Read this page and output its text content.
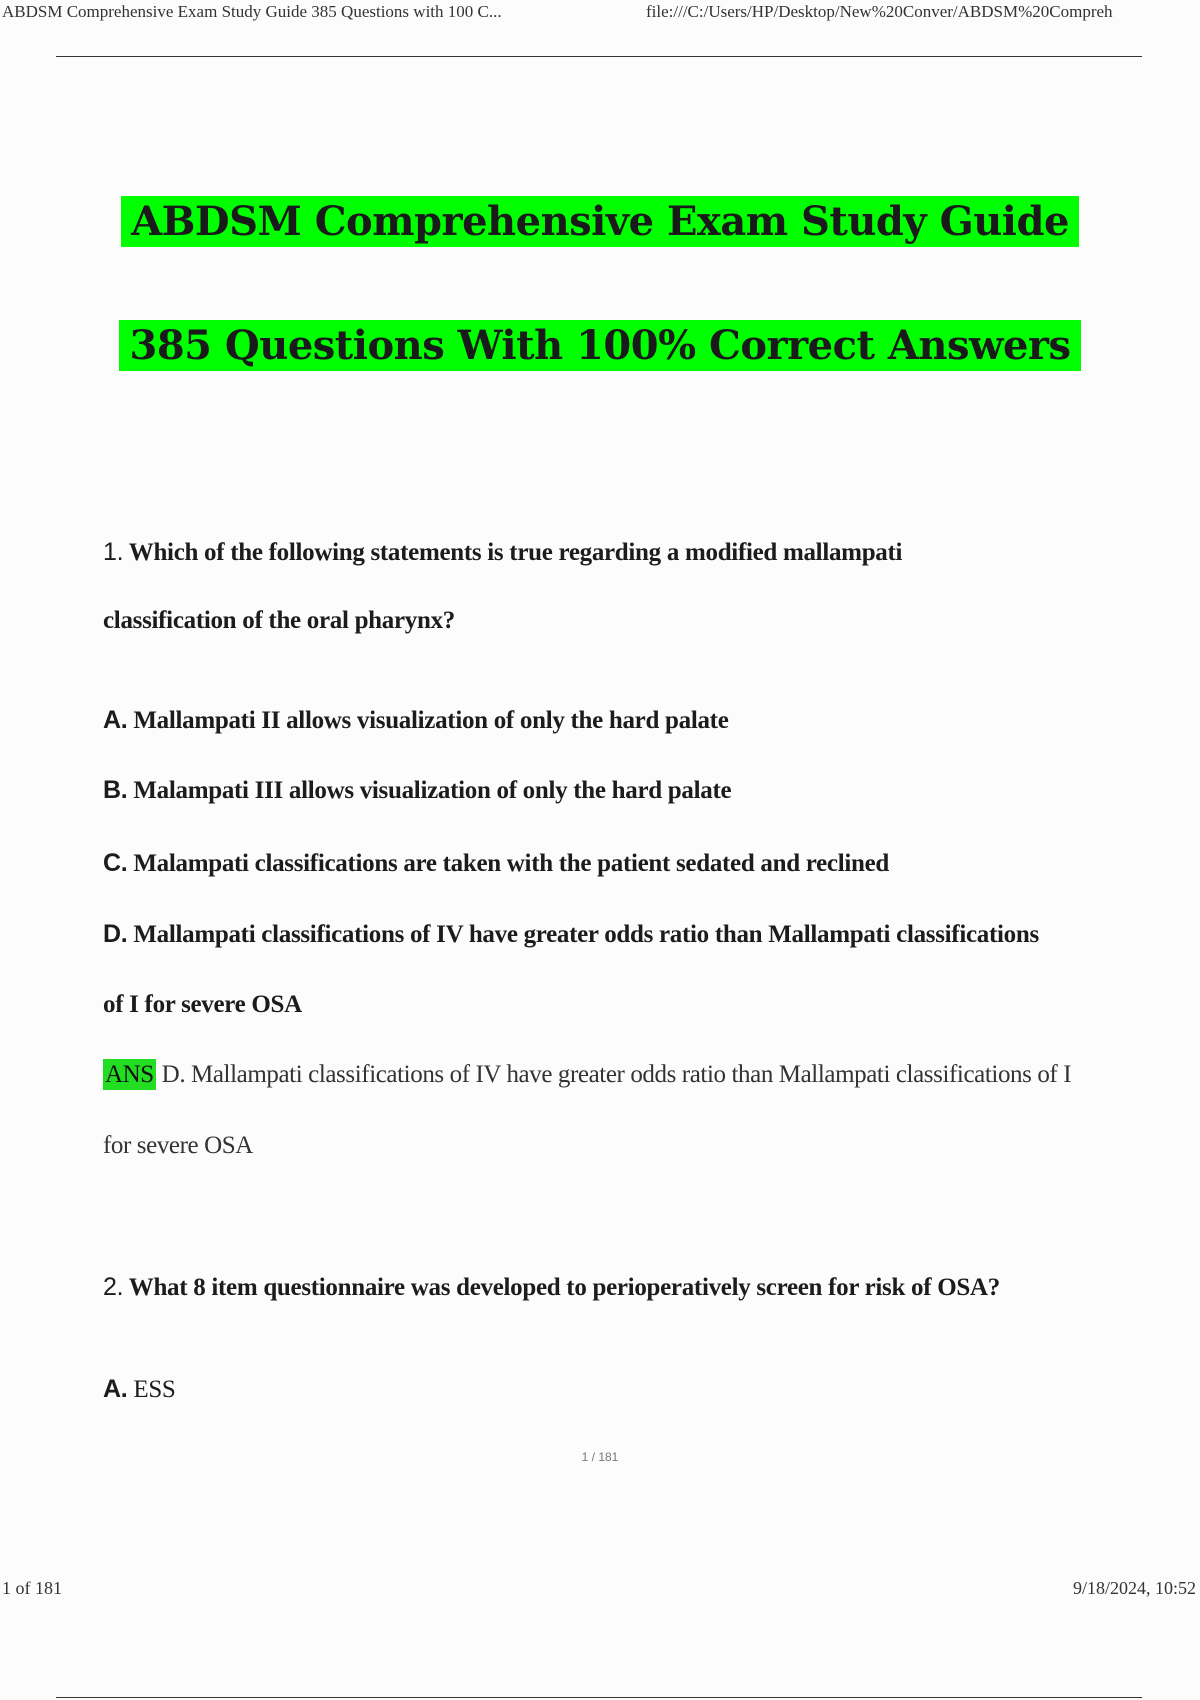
ABDSM Comprehensive Exam Study Guide 385 Questions with 100 C...	file:///C:/Users/HP/Desktop/New%20Conver/ABDSM%20Compreh
ABDSM Comprehensive Exam Study Guide
385 Questions With 100% Correct Answers
1. Which of the following statements is true regarding a modified mallampati
classification of the oral pharynx?
A. Mallampati II allows visualization of only the hard palate
B. Malampati III allows visualization of only the hard palate
C. Malampati classifications are taken with the patient sedated and reclined
D. Mallampati classifications of IV have greater odds ratio than Mallampati classifications
of I for severe OSA
ANS D. Mallampati classifications of IV have greater odds ratio than Mallampati classifications of I
for severe OSA
2. What 8 item questionnaire was developed to perioperatively screen for risk of OSA?
A. ESS
1 / 181
1 of 181	9/18/2024, 10:52
